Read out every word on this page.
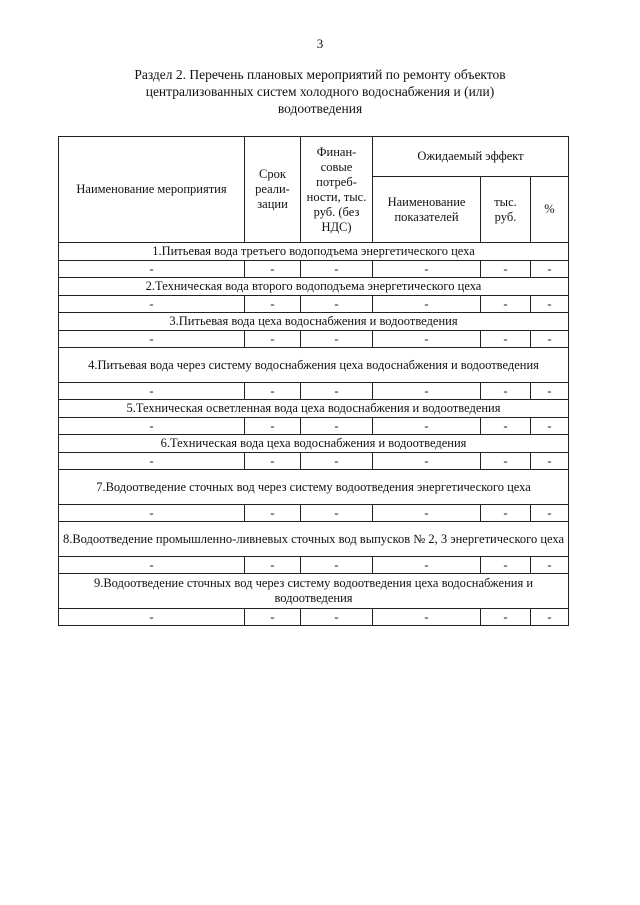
3
Раздел 2. Перечень плановых мероприятий по ремонту объектов
централизованных систем холодного водоснабжения и (или)
водоотведения
Наименование мероприятия	Срок реали-зации	Финан-совые потреб-ности, тыс. руб. (без НДС)	Ожидаемый эффект		
			Наименование показателей	тыс. руб.	%
1.Питьевая вода третьего водоподъема энергетического цеха					
-	-	-	-	-	-
2.Техническая вода второго водоподъема энергетического цеха					
-	-	-	-	-	-
3.Питьевая вода цеха водоснабжения и водоотведения					
-	-	-	-	-	-
4.Питьевая вода через систему водоснабжения цеха водоснабжения и водоотведения					
-	-	-	-	-	-
5.Техническая осветленная вода цеха водоснабжения и водоотведения					
-	-	-	-	-	-
6.Техническая вода цеха водоснабжения и водоотведения					
-	-	-	-	-	-
7.Водоотведение сточных вод через систему водоотведения энергетического цеха					
-	-	-	-	-	-
8.Водоотведение промышленно-ливневых сточных вод выпусков № 2, 3 энергетического цеха					
-	-	-	-	-	-
9.Водоотведение сточных вод через систему водоотведения цеха водоснабжения и водоотведения					
-	-	-	-	-	-
